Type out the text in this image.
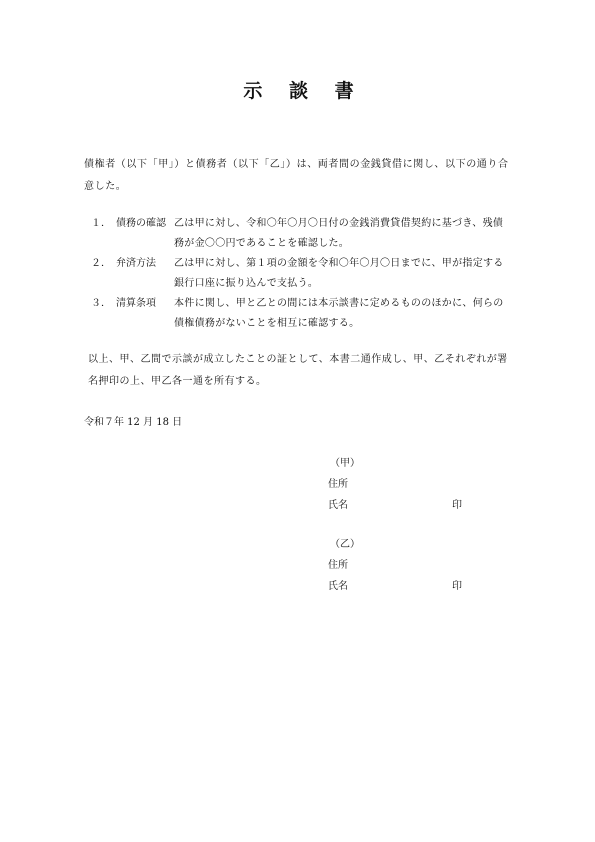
示 談 書
債権者（以下「甲」）と債務者（以下「乙」）は、両者間の金銭貸借に関し、以下の通り合意した。
１． 債務の確認 乙は甲に対し、令和〇年〇月〇日付の金銭消費貸借契約に基づき、残債務が金〇〇円であることを確認した。
２． 弁済方法	乙は甲に対し、第１項の金額を令和〇年〇月〇日までに、甲が指定する銀行口座に振り込んで支払う。
３． 清算条項	本件に関し、甲と乙との間には本示談書に定めるもののほかに、何らの債権債務がないことを相互に確認する。
以上、甲、乙間で示談が成立したことの証として、本書二通作成し、甲、乙それぞれが署名押印の上、甲乙各一通を所有する。
令和７年 12 月 18 日
（甲）
住所
氏名	印
（乙）
住所
氏名	印
